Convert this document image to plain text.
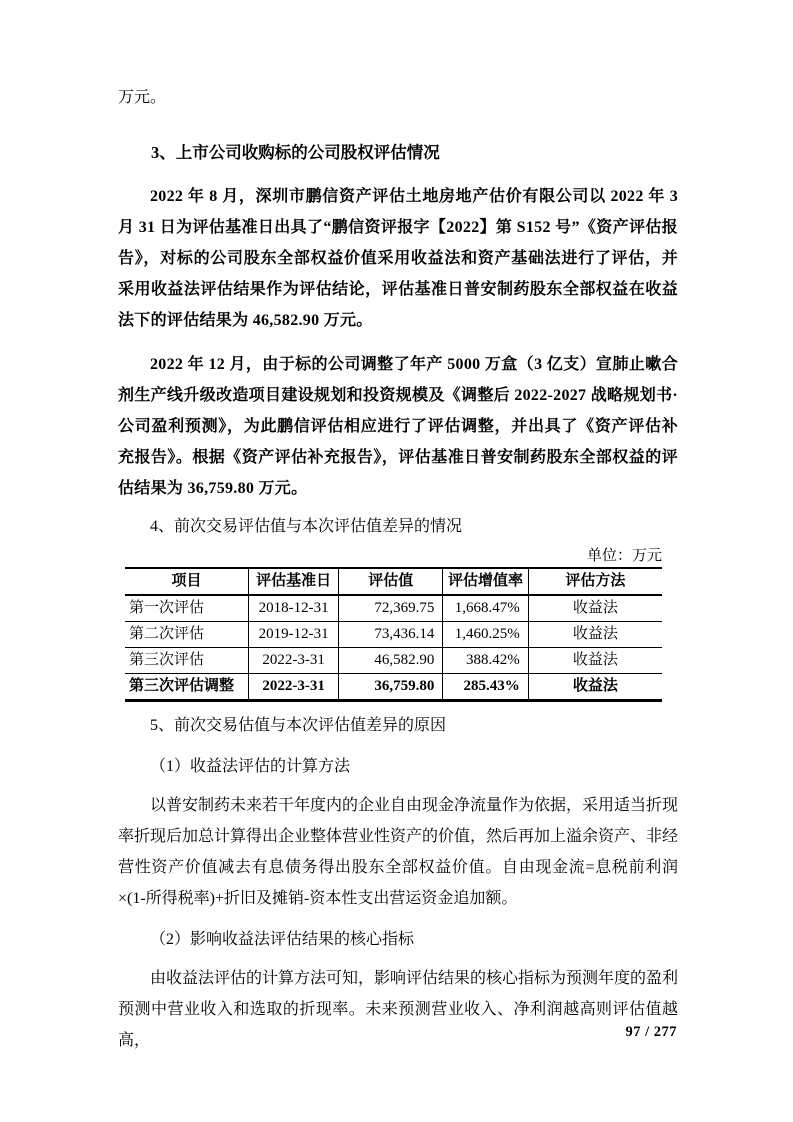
万元。

3、上市公司收购标的公司股权评估情况

2022 年 8 月，深圳市鹏信资产评估土地房地产估价有限公司以 2022 年 3 月 31 日为评估基准日出具了“鹏信资评报字【2022】第 S152 号”《资产评估报告》，对标的公司股东全部权益价值采用收益法和资产基础法进行了评估，并采用收益法评估结果作为评估结论，评估基准日普安制药股东全部权益在收益法下的评估结果为 46,582.90 万元。

2022 年 12 月，由于标的公司调整了年产 5000 万盒（3 亿支）宣肺止嗽合剂生产线升级改造项目建设规划和投资规模及《调整后 2022-2027 战略规划书·公司盈利预测》，为此鹏信评估相应进行了评估调整，并出具了《资产评估补充报告》。根据《资产评估补充报告》，评估基准日普安制药股东全部权益的评估结果为 36,759.80 万元。

4、前次交易评估值与本次评估值差异的情况

单位：万元

项目	评估基准日	评估值	评估增值率	评估方法
第一次评估	2018-12-31	72,369.75	1,668.47%	收益法
第二次评估	2019-12-31	73,436.14	1,460.25%	收益法
第三次评估	2022-3-31	46,582.90	388.42%	收益法
第三次评估调整	2022-3-31	36,759.80	285.43%	收益法

5、前次交易估值与本次评估值差异的原因

（1）收益法评估的计算方法

以普安制药未来若干年度内的企业自由现金净流量作为依据，采用适当折现率折现后加总计算得出企业整体营业性资产的价值，然后再加上溢余资产、非经营性资产价值减去有息债务得出股东全部权益价值。自由现金流=息税前利润×(1-所得税率)+折旧及摊销-资本性支出营运资金追加额。

（2）影响收益法评估结果的核心指标

由收益法评估的计算方法可知，影响评估结果的核心指标为预测年度的盈利预测中营业收入和选取的折现率。未来预测营业收入、净利润越高则评估值越高，	97 / 277
